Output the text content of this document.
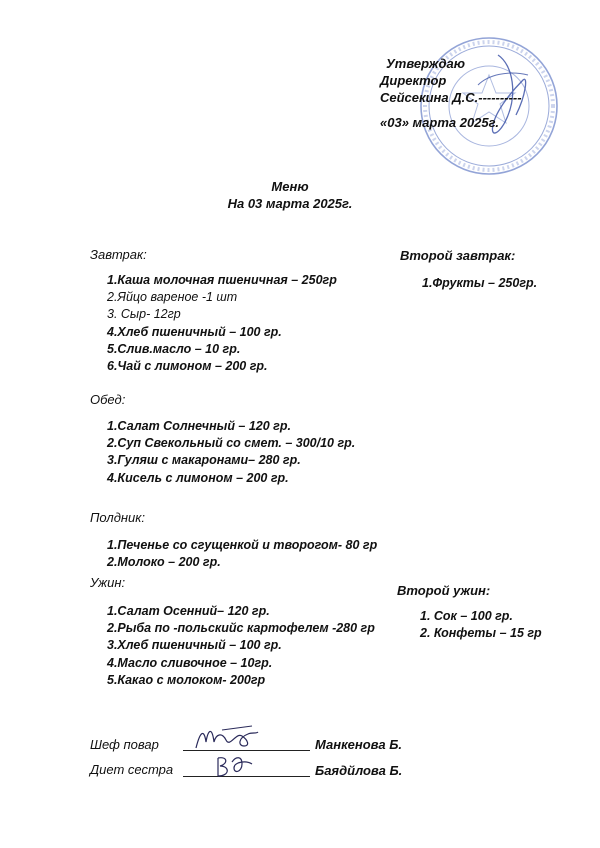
Утверждаю
Директор
Сейсекина Д.С.----------
«03» марта 2025г.
Меню
На 03 марта 2025г.
Завтрак:
1.Каша молочная пшеничная – 250гр
2.Яйцо вареное -1 шт
3. Сыр- 12гр
4.Хлеб пшеничный – 100 гр.
5.Слив.масло – 10 гр.
6.Чай с лимоном – 200 гр.
Второй завтрак:
1.Фрукты – 250гр.
Обед:
1.Салат Солнечный – 120 гр.
2.Суп Свекольный со смет. – 300/10 гр.
3.Гуляш с макаронами– 280 гр.
4.Кисель с лимоном – 200 гр.
Полдник:
1.Печенье со сгущенкой и творогом- 80 гр
2.Молоко – 200 гр.
Ужин:
1.Салат Осенний– 120 гр.
2.Рыба по -польскийс картофелем -280 гр
3.Хлеб пшеничный – 100 гр.
4.Масло сливочное – 10гр.
5.Какао с молоком- 200гр
Второй ужин:
1. Сок – 100 гр.
2. Конфеты – 15 гр
Шеф повар	Манкенова Б.
Диет сестра	Баядйлова Б.
